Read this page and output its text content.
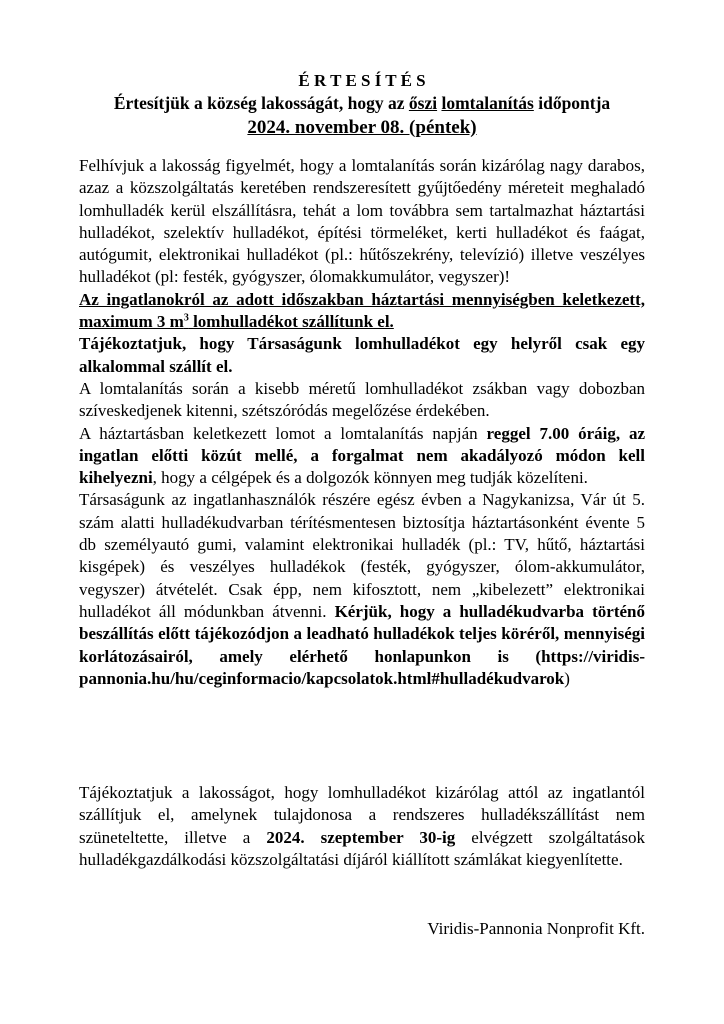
É R T E S Í T É S
Értesítjük a község lakosságát, hogy az őszi lomtalanítás időpontja
2024. november 08. (péntek)

Felhívjuk a lakosság figyelmét, hogy a lomtalanítás során kizárólag nagy darabos, azaz a közszolgáltatás keretében rendszeresített gyűjtőedény méreteit meghaladó lomhulladék kerül elszállításra, tehát a lom továbbra sem tartalmazhat háztartási hulladékot, szelektív hulladékot, építési törmeléket, kerti hulladékot és faágat, autógumit, elektronikai hulladékot (pl.: hűtőszekrény, televízió) illetve veszélyes hulladékot (pl: festék, gyógyszer, ólomakkumulátor, vegyszer)!

Az ingatlanokról az adott időszakban háztartási mennyiségben keletkezett, maximum 3 $m^3$ lomhulladékot szállítunk el.

Tájékoztatjuk, hogy Társaságunk lomhulladékot egy helyről csak egy alkalommal szállít el.

A lomtalanítás során a kisebb méretű lomhulladékot zsákban vagy dobozban szíveskedjenek kitenni, szétszóródás megelőzése érdekében.

A háztartásban keletkezett lomot a lomtalanítás napján reggel 7.00 óráig, az ingatlan előtti közút mellé, a forgalmat nem akadályozó módon kell kihelyezni, hogy a célgépek és a dolgozók könnyen meg tudják közelíteni.

Társaságunk az ingatlanhasználók részére egész évben a Nagykanizsa, Vár út 5. szám alatti hulladékudvarban térítésmentesen biztosítja háztartásonként évente 5 db személyautó gumi, valamint elektronikai hulladék (pl.: TV, hűtő, háztartási kisgépek) és veszélyes hulladékok (festék, gyógyszer, ólom-akkumulátor, vegyszer) átvételét. Csak épp, nem kifosztott, nem „kibelezett” elektronikai hulladékot áll módunkban átvenni. Kérjük, hogy a hulladékudvarba történő beszállítás előtt tájékozódjon a leadható hulladékok teljes köréről, mennyiségi korlátozásairól, amely elérhető honlapunkon is (https://viridis-pannonia.hu/hu/ceginformacio/kapcsolatok.html#hulladékudvarok)

Tájékoztatjuk a lakosságot, hogy lomhulladékot kizárólag attól az ingatlantól szállítjuk el, amelynek tulajdonosa a rendszeres hulladékszállítást nem szüneteltette, illetve a 2024. szeptember 30-ig elvégzett szolgáltatások hulladékgazdálkodási közszolgáltatási díjáról kiállított számlákat kiegyenlítette.

Viridis-Pannonia Nonprofit Kft.
